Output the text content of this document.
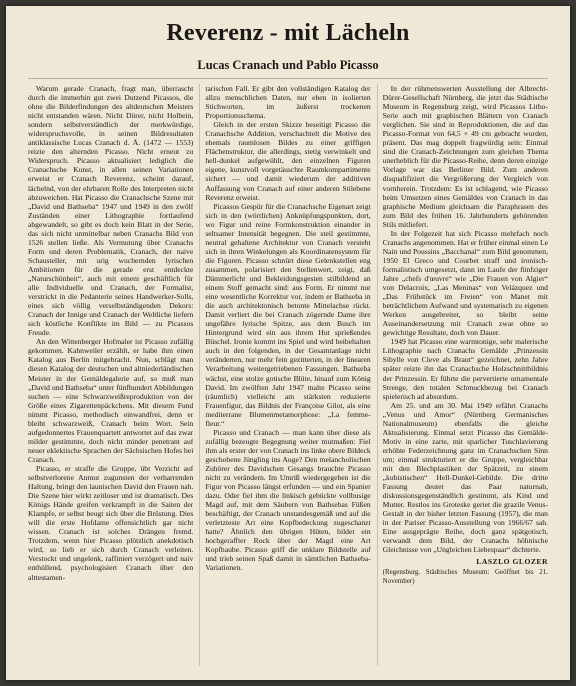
Reverenz - mit Lächeln
Lucas Cranach und Pablo Picasso

Warum gerade Cranach, fragt man, überrascht durch die immerhin gut zwei Dutzend Picassos, die ohne die Bilderfindungen des altdeutschen Meisters nicht entstanden wären. Nicht Dürer, nicht Holbein, sondern selbstverständlich der merkwürdige, widerspruchsvolle, in seinen Bildresultaten antiklassische Lucas Cranach d. Ä. (1472 — 1553) reizte den alternden Picasso. Nicht erneut zu Widerspruch. Picasso aktualisiert lediglich die Cranachsche Kunst, in allen seinen Variationen erweist er Cranach Reverenz, scheint darauf, lächelnd, von der ehrbaren Rolle des Interpreten nicht abzuweichen. Hat Picasso die Cranachsche Szene mit „David und Bathseba“ 1947 und 1949 in den zwölf Zuständen einer Lithographie fortlaufend abgewandelt, so gibt es doch kein Blatt in der Serie, das sich nicht unmittelbar neben Cranachs Bild von 1526 stellen ließe. Als Vermutung über Cranachs Form und deren Problematik, Cranach, der naive Schausteller, mit urig wuchernden lyrischen Ambitionen für die gerade erst entdeckte „Naturschönheit“, auch mit einem geschäftlich für alle Individuelle und Cranach, der Formalist, verstrickt in die Pedanterie seines Handwerker-Solls, eines sich völlig verselbständigenden Dekors: Cranach der Innige und Cranach der Weltliche liefern sich köstliche Konflikte im Bild — zu Picassos Freude.

An den Wittenberger Hofmaler ist Picasso zufällig gekommen. Kahnweiler erzählt, er habe ihm einen Katalog aus Berlin mitgebracht. Nun, schlägt man diesen Katalog der deutschen und altniederländischen Meister in der Gemäldegalerie auf, so muß man „David und Bathseba“ unter fünfhundert Abbildungen suchen — eine Schwarzweißreproduktion von der Größe eines Zigarettenpäckchens. Mit diesem Fund nimmt Picasso, methodisch einwandfrei, denn er bleibt schwarzweiß, Cranach beim Wort. Sein aufgedonnertes Frauenquartett antwortet auf das zwar milder gestimmte, doch nicht minder penetrant auf neuer eklektische Sprachen der Sächsischen Hofes bei Cranach.

Picasso, er straffe die Gruppe, übt Verzicht auf selbstverlorene Anmut zugunsten der verharrenden Haltung, bringt den launischen David den Frauen nah. Die Szene hier wirkt zeitloser und ist dramatisch. Des Königs Hände greifen verkrampft in die Saiten der Klampfe, er selbst beugt sich über die Brüstung. Dies will die erste Hofdame offensichtlich gar nicht wissen. Cranach ist solches Drängen fremd. Trotzdem, wenn hier Picasso plötzlich anekdotisch wird, so lieb er sich durch Cranach verleiten. Verstockt und ungelenk, raffiniert verzögert und naiv enthüllend, psychologisiert Cranach über den alttestamen-

tarischen Fall. Er gibt den vollständigen Katalog der allzu menschlichen Daten, nur eben in isolierten Stichworten, im äußerst trockenen Proportionsschema.

Gleich in der ersten Skizze beseitigt Picasso die Cranachsche Addition, verschachtelt die Motive des ehemals raumlosen Bildes zu einer griffigen Flächenstruktur, die allerdings, stetig verwinkelt und hell-dunkel aufgewühlt, den einzelnen Figuren eigene, kunstvoll vorgetäuschte Raumkompartimente sichert — und damit wiederum der additiven Auffassung von Cranach auf einer anderen Stilebene Reverenz erweist.

Picassos Gespür für die Cranachsche Eigenart zeigt sich in den (wörtlichen) Anknüpfungspunkten, dort, wo Figur und reine Formkonstruktion einander in seltsamer Intensität begegnen. Die steil gestimmte, neutral gehaltene Architektur von Cranach versteht sich in ihren Winkelungen als Koordinatensystem für die Figuren. Picasso schnürt diese Gelenkstellen eng zusammen, polarisiert den Stellenwert, zeigt, daß Dämmerlicht und Bekleidungsgesten stilbildend an einem Stoff gemacht sind: aus Form. Er nimmt nur eine wesentliche Korrektur vor, indem er Bathseba in die auch architektonisch betonte Mittelachse rückt. Damit verliert die bei Cranach zögernde Dame ihre ungefähre lyrische Spitze, aus dem Busch im Hintergrund wird ein aus ihrem Hut sprießendes Büschel. Ironie kommt ins Spiel und wird beibehalten auch in den folgenden, in der Gesamtanlage nicht veränderten, nur mehr fein gezitterten, in der linearen Verarbeitung weitergetriebenen Fassungen. Bathseba wächst, eine stolze gotische Blüte, hinauf zum König David. Im zwölften Jahr 1947 malte Picasso seine (räumlich) vielleicht am stärksten reduzierte Frauenfigur, das Bildnis der Françoise Gilot, als eine mediterrane Blumenmetamorphose: „La femme-fleur.“

Picasso und Cranach — man kann über diese als zufällig bezeugte Begegnung weiter mutmaßen: Fiel ihm als erster der von Cranach ins linke obere Bildeck geschobene Jüngling ins Auge? Den melancholischen Zuhörer des Davidschen Gesangs brauchte Picasso nicht zu verändern. Im Umriß wiedergegeben ist die Figur von Picasso längst erfunden — und ein Spanier dazu. Oder fiel ihm die linkisch gebückte vollbusige Magd auf, mit dem Säubern von Bathsebas Füßen beschäftigt, der Cranach unstandesgemäß und auf die verletzteste Art eine Kopfbedeckung zugeschanzt hatte? Ähnlich den übrigen Hüten, bildet ein hochgeraffter Rock über der Magd eine Art Kopfhaube. Picasso griff die unklare Bildstelle auf und trieb seinen Spaß damit in sämtlichen Bathseba-Variationen.

In der rühmenswerten Ausstellung der Albrecht-Dürer-Gesellschaft Nürnberg, die jetzt das Städtische Museum in Regensburg zeigt, wird Picassos Litho-Serie auch mit graphischen Blättern von Cranach verglichen. Sie sind in Reproduktionen, die auf das Picasso-Format von 64,5 × 49 cm gebracht wurden, präsent. Das mag doppelt fragwürdig sein: Einmal sind die Cranach-Zeichnungen zum gleichen Thema unerheblich für die Picasso-Reihe, denn deren einzige Vorlage war das Berliner Bild. Zum anderen disqualifiziert die Vergrößerung der Vergleich von vornherein. Trotzdem: Es ist schlagend, wie Picasso beim Umsetzen eines Gemäldes von Cranach in das graphische Medium gleichsam die Paraphrasen des zum Bild des frühen 16. Jahrhunderts gehörenden Stils mitliefert.

In der Folgezeit hat sich Picasso mehrfach noch Cranachs angenommen. Hat er früher einmal einen Le Nain und Poussins „Bacchanal“ zum Bild genommen, 1950 El Greco und Courbet straff und ironisch-formalistisch umgesetzt, dann im Laufe der fünfziger Jahre „chefs d'œuvre“ wie „Die Frauen von Algier“ von Delacroix, „Las Meninas“ von Velázquez und „Das Frühstück im Freien“ von Manet mit beträchtlichem Aufwand und systematisch zu eigenen Werken ausgebreitet, so bleibt seine Auseinandersetzung mit Cranach zwar ohne so gewichtige Resultate, doch von Dauer.

1949 hat Picasso eine warmtonige, sehr malerische Lithographie nach Cranachs Gemälde „Prinzessin Sibylle von Cleve als Braut“ gezeichnet, zehn Jahre später reizte ihn das Cranachsche Holzschnittbildnis der Prinzessin. Er führte die pervertierte ornamentale Strenge, den totalen Schmuckbezug bei Cranach spielerisch ad absurdum.

Am 25. und am 30. Mai 1949 erfährt Cranachs „Venus und Amor“ (Nürnberg Germanisches Nationalmuseum) ebenfalls die gleiche Aktualisierung. Einmal setzt Picasso das Gemälde-Motiv in eine zarte, mit sparlicher Tuschlavierung erhöhte Federzeichnung ganz im Cranachschen Sinn um; einmal strukturiert er die Gruppe, vergleichbar mit den Blechplastiken der Spätzeit, zu einem „kubistischen“ Hell-Dunkel-Gebilde. Die dritte Fassung deutet das Paar naturnah, diskussionsgegenständlich gestimmt, als Kind und Mutter. Restlos ins Groteske geriet die grazile Venus-Gestalt in der bisher letzten Fassung (1957), die man in der Pariser Picasso-Ausstellung von 1966/67 sah. Eine ausgeprägte Reihe, doch ganz spätgotisch, verwandt dem Bild, der Cranachs höhnische Gleichnisse von „Ungleichen Liebespaar“ dichterte.

LASZLO GLOZER
(Regensburg, Städtisches Museum: Geöffnet bis 21. November)
